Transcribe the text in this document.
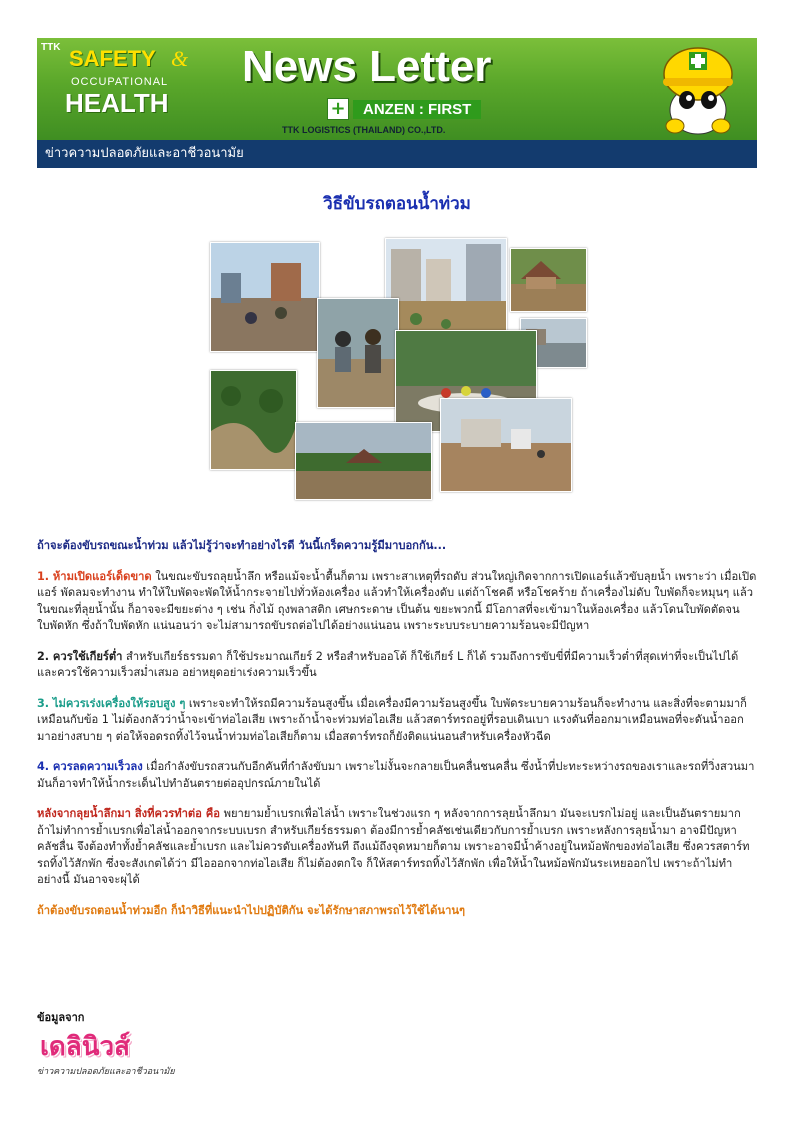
TTK SAFETY &
OCCUPATIONAL
HEALTH
News Letter
+	ANZEN : FIRST
TTK LOGISTICS (THAILAND) CO.,LTD.
ข่าวความปลอดภัยและอาชีวอนามัย
วิธีขับรถตอนน้ำท่วม

ถ้าจะต้องขับรถขณะน้ำท่วม แล้วไม่รู้ว่าจะทำอย่างไรดี วันนี้เกร็ดความรู้มีมาบอกกัน...

1. ห้ามเปิดแอร์เด็ดขาด ในขณะขับรถลุยน้ำลึก หรือแม้จะน้ำตื้นก็ตาม เพราะสาเหตุที่รถดับ ส่วนใหญ่เกิดจากการเปิดแอร์แล้วขับลุยน้ำ เพราะว่า เมื่อเปิดแอร์ พัดลมจะทำงาน ทำให้ใบพัดจะพัดให้น้ำกระจายไปทั่วห้องเครื่อง แล้วทำให้เครื่องดับ แต่ถ้าโชคดี หรือโชคร้าย ถ้าเครื่องไม่ดับ ใบพัดก็จะหมุนๆ แล้วในขณะที่ลุยน้ำนั้น ก็อาจจะมีขยะต่าง ๆ เช่น กิ่งไม้ ถุงพลาสติก เศษกระดาษ เป็นต้น ขยะพวกนี้ มีโอกาสที่จะเข้ามาในห้องเครื่อง แล้วโดนใบพัดตัดจนใบพัดหัก ซึ่งถ้าใบพัดหัก แน่นอนว่า จะไม่สามารถขับรถต่อไปได้อย่างแน่นอน เพราะระบบระบายความร้อนจะมีปัญหา

2. ควรใช้เกียร์ต่ำ สำหรับเกียร์ธรรมดา ก็ใช้ประมาณเกียร์ 2 หรือสำหรับออโต้ ก็ใช้เกียร์ L ก็ได้ รวมถึงการขับขี่ที่มีความเร็วต่ำที่สุดเท่าที่จะเป็นไปได้ และควรใช้ความเร็วสม่ำเสมอ อย่าหยุดอย่าเร่งความเร็วขึ้น

3. ไม่ควรเร่งเครื่องให้รอบสูง ๆ เพราะจะทำให้รถมีความร้อนสูงขึ้น เมื่อเครื่องมีความร้อนสูงขึ้น ใบพัดระบายความร้อนก็จะทำงาน และสิ่งที่จะตามมาก็เหมือนกับข้อ 1 ไม่ต้องกลัวว่าน้ำจะเข้าท่อไอเสีย เพราะถ้าน้ำจะท่วมท่อไอเสีย แล้วสตาร์ทรถอยู่ที่รอบเดินเบา แรงดันที่ออกมาเหมือนพอที่จะดันน้ำออกมาอย่างสบาย ๆ ต่อให้จอดรถทิ้งไว้จนน้ำท่วมท่อไอเสียก็ตาม เมื่อสตาร์ทรถก็ยังติดแน่นอนสำหรับเครื่องหัวฉีด

4. ควรลดความเร็วลง เมื่อกำลังขับรถสวนกับอีกคันที่กำลังขับมา เพราะไม่งั้นจะกลายเป็นคลื่นชนคลื่น ซึ่งน้ำที่ปะทะระหว่างรถของเราและรถที่วิ่งสวนมา มันก็อาจทำให้น้ำกระเด็นไปทำอันตรายต่ออุปกรณ์ภายในได้

หลังจากลุยน้ำลึกมา สิ่งที่ควรทำต่อ คือ พยายามย้ำเบรกเพื่อไล่น้ำ เพราะในช่วงแรก ๆ หลังจากการลุยน้ำลึกมา มันจะเบรกไม่อยู่ และเป็นอันตรายมาก ถ้าไม่ทำการย้ำเบรกเพื่อไล่น้ำออกจากระบบเบรก สำหรับเกียร์ธรรมดา ต้องมีการย้ำคลัชเช่นเดียวกับการย้ำเบรก เพราะหลังการลุยน้ำมา อาจมีปัญหาคลัชลื่น จึงต้องทำทั้งย้ำคลัชและย้ำเบรก และไม่ควรดับเครื่องทันที ถึงแม้ถึงจุดหมายก็ตาม เพราะอาจมีน้ำค้างอยู่ในหม้อพักของท่อไอเสีย ซึ่งควรสตาร์ทรถทิ้งไว้สักพัก ซึ่งจะสังเกตได้ว่า มีไอออกจากท่อไอเสีย ก็ไม่ต้องตกใจ ก็ให้สตาร์ทรถทิ้งไว้สักพัก เพื่อให้น้ำในหม้อพักมันระเหยออกไป เพราะถ้าไม่ทำอย่างนี้ มันอาจจะผุได้

ถ้าต้องขับรถตอนน้ำท่วมอีก ก็นำวิธีที่แนะนำไปปฏิบัติกัน จะได้รักษาสภาพรถไว้ใช้ได้นานๆ

ข้อมูลจาก
เดลินิวส์
ข่าวความปลอดภัยและอาชีวอนามัย
